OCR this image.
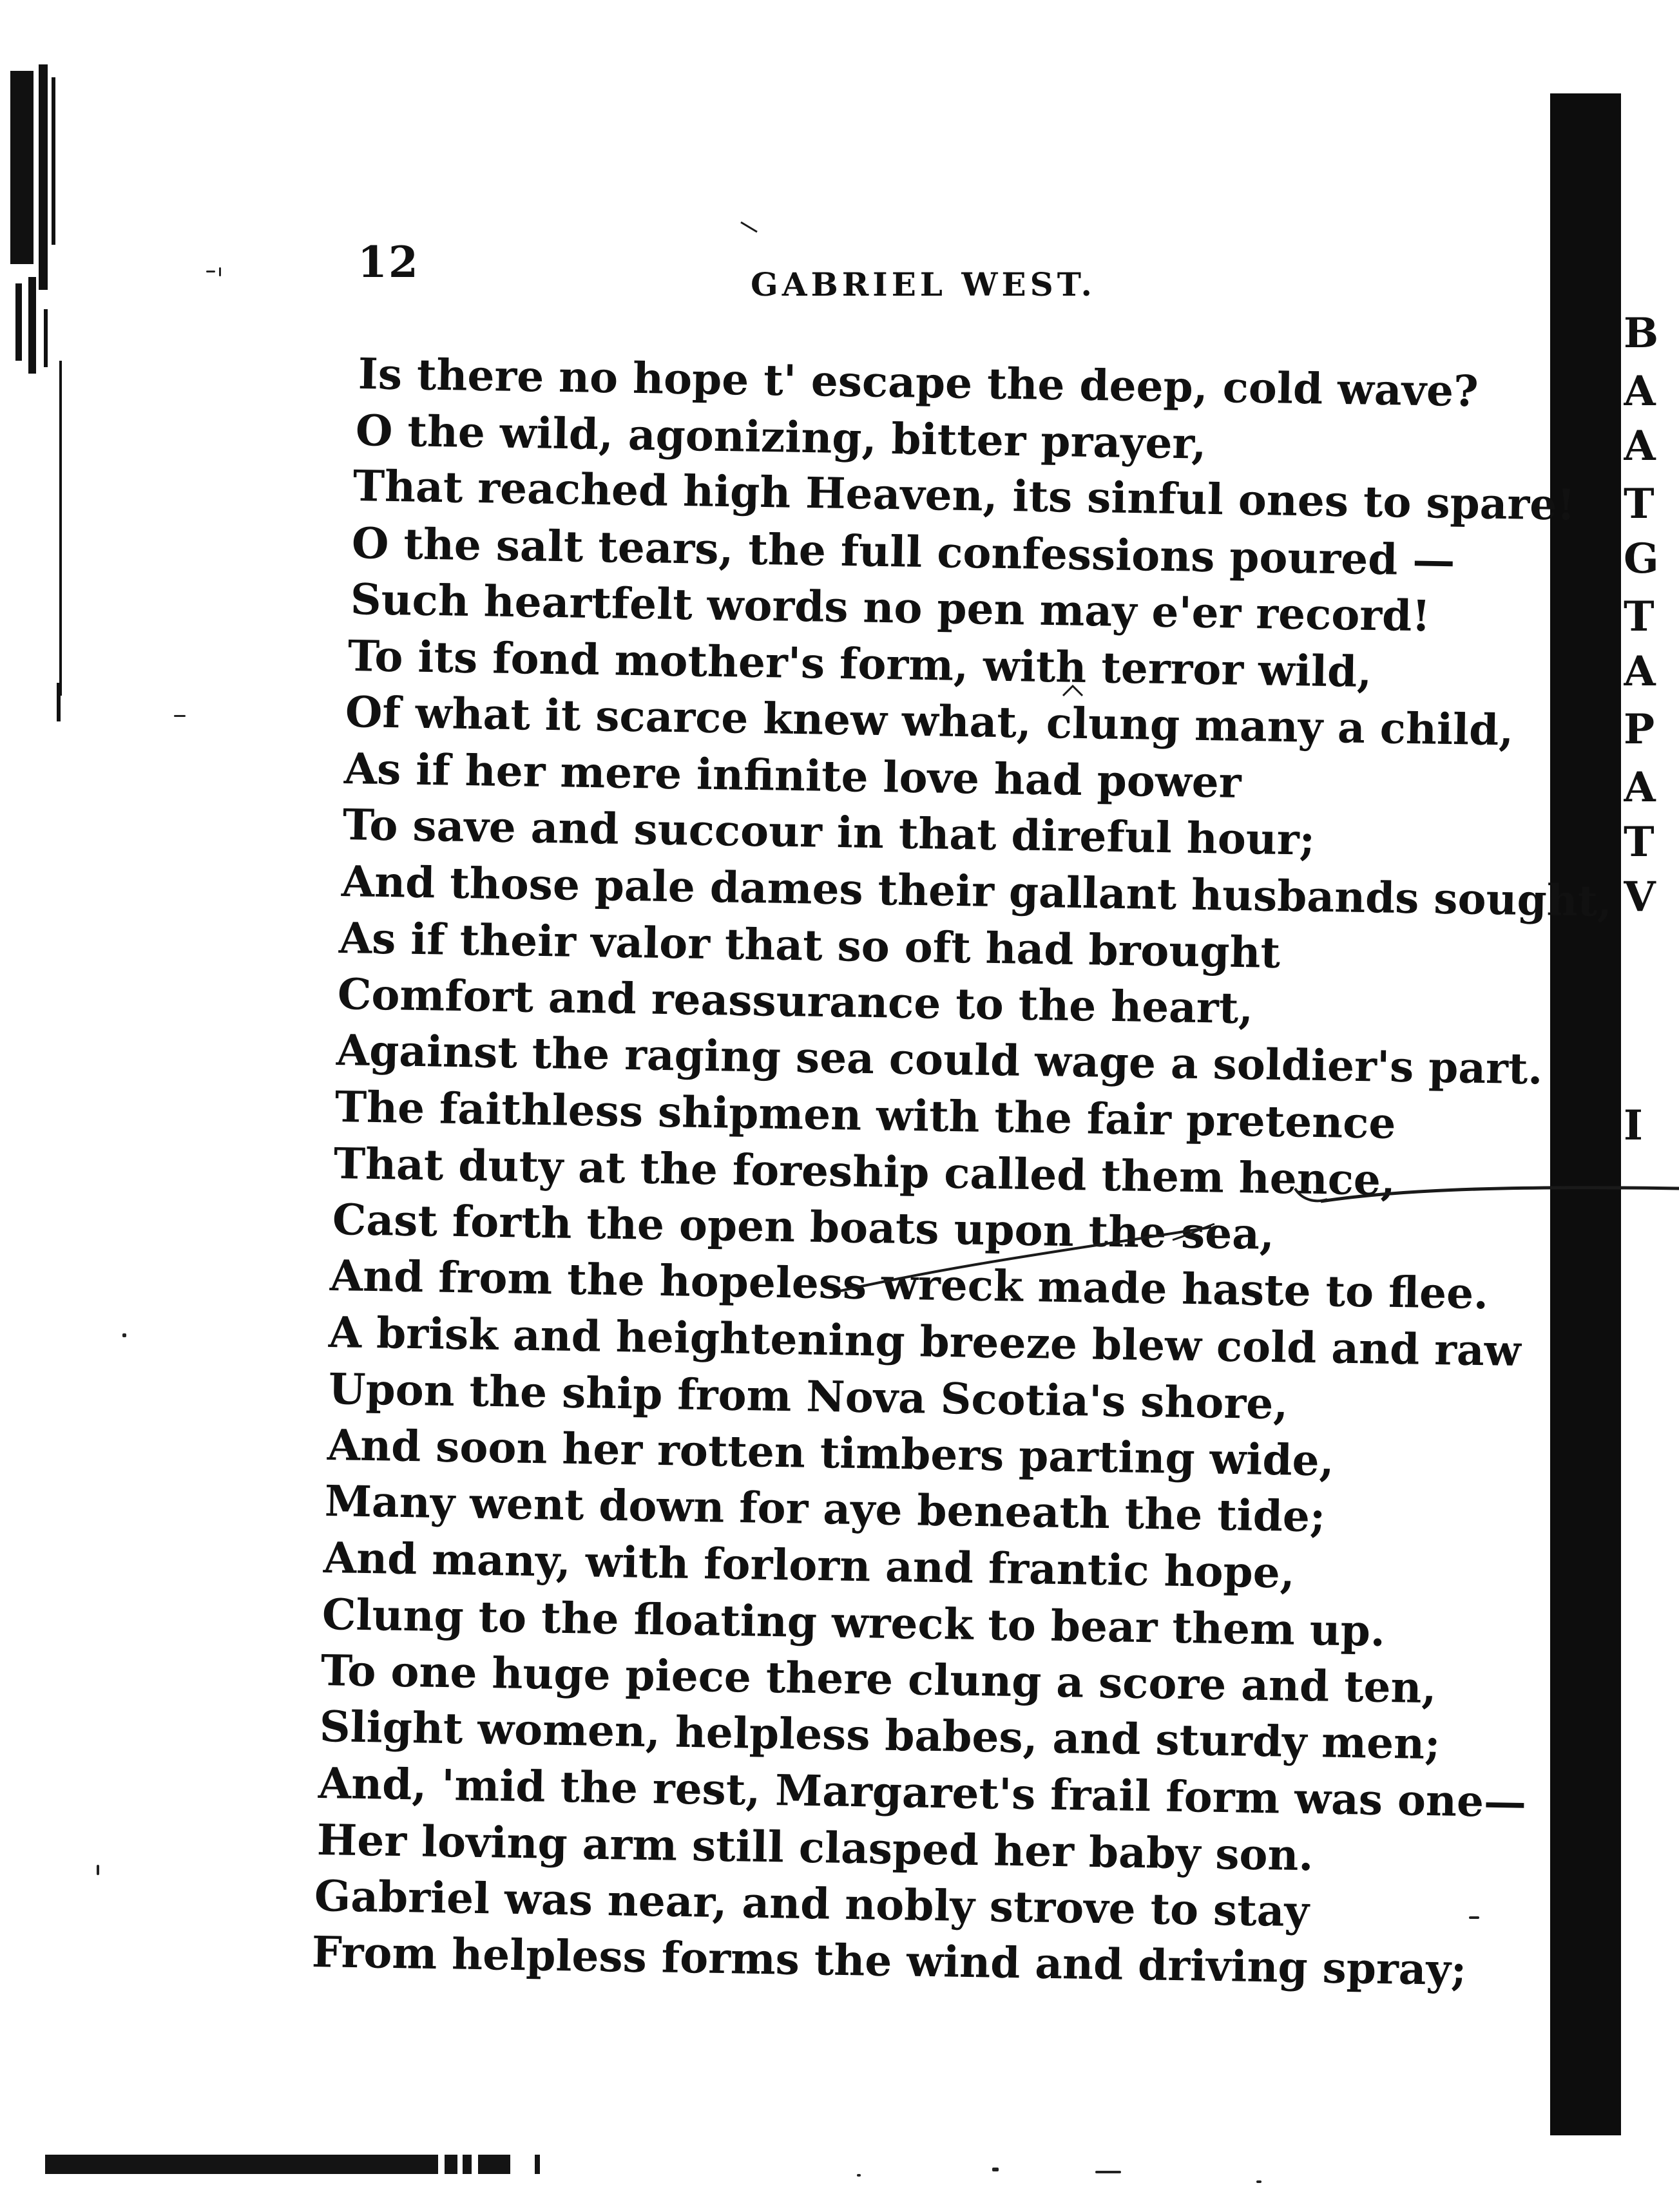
B
A
A
T
G
T
A
P
A
T
V
I
12	GABRIEL WEST.
Is there no hope t' escape the deep, cold wave?
O the wild, agonizing, bitter prayer,
That reached high Heaven, its sinful ones to spare!
O the salt tears, the full confessions poured —
Such heartfelt words no pen may e'er record!
To its fond mother's form, with terror wild,
Of what it scarce knew what, clung many a child,
As if her mere infinite love had power
To save and succour in that direful hour;
And those pale dames their gallant husbands sought,
As if their valor that so oft had brought
Comfort and reassurance to the heart,
Against the raging sea could wage a soldier's part.
The faithless shipmen with the fair pretence
That duty at the foreship called them hence,
Cast forth the open boats upon the sea,
And from the hopeless wreck made haste to flee.
A brisk and heightening breeze blew cold and raw
Upon the ship from Nova Scotia's shore,
And soon her rotten timbers parting wide,
Many went down for aye beneath the tide;
And many, with forlorn and frantic hope,
Clung to the floating wreck to bear them up.
To one huge piece there clung a score and ten,
Slight women, helpless babes, and sturdy men;
And, 'mid the rest, Margaret's frail form was one—
Her loving arm still clasped her baby son.
Gabriel was near, and nobly strove to stay
From helpless forms the wind and driving spray;
